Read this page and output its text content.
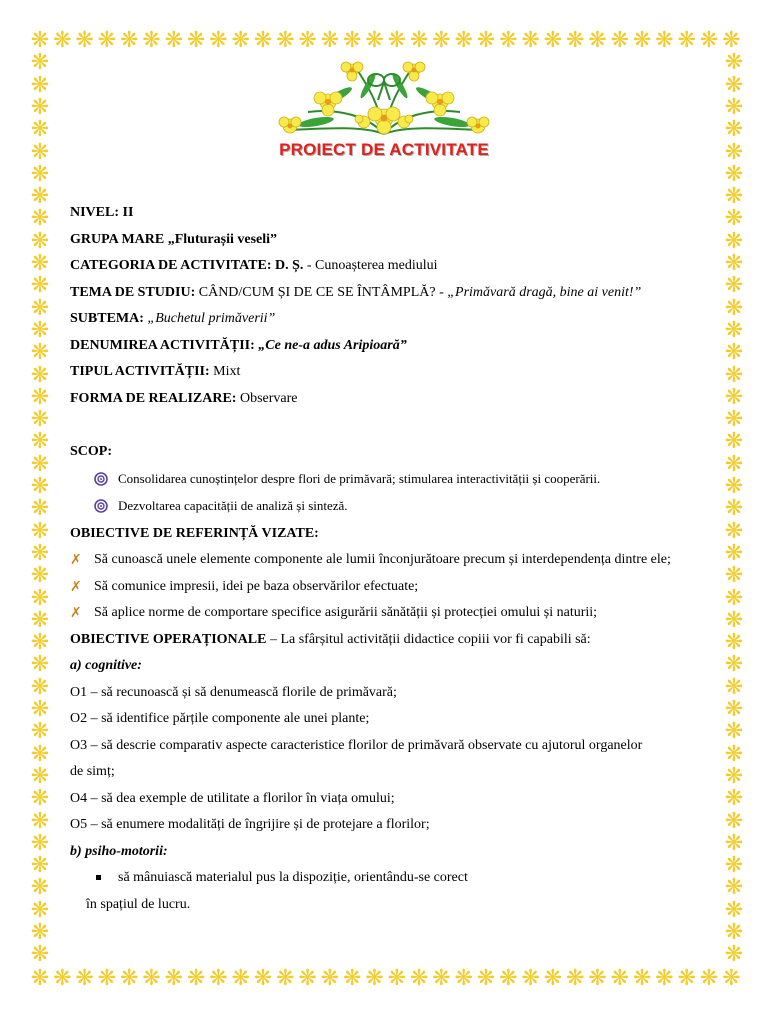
❋
❋
❋
❋
❋
❋
❋
❋
❋
❋
❋
❋
❋
❋
❋
❋
❋
❋
❋
❋
❋
❋
❋
❋
❋
❋
❋
❋
❋
❋
❋
❋
❋
❋
❋
❋
❋
❋
❋
❋
❋
❋
❋
❋
❋
❋
❋
❋
❋
❋
❋
❋
❋
❋
❋
❋
❋
❋
❋
❋
❋
❋
❋
❋
❋	❋
❋	❋
❋	❋
❋	❋
❋	❋
❋	❋
❋	❋
❋	❋
❋	❋
❋	❋
❋	❋
❋	❋
❋	❋
❋	❋
❋	❋
❋	❋
❋	❋
❋	❋
❋	❋
❋	❋
❋	❋
❋	❋
❋	❋
❋	❋
❋	❋
❋	❋
❋	❋
❋	❋
❋	❋
❋	❋
❋	❋
❋	❋
❋	❋
❋	❋
❋	❋
❋	❋
❋	❋
❋	❋
❋	❋
❋	❋
❋	❋
PROIECT DE ACTIVITATE
NIVEL: II
GRUPA MARE „Fluturașii veseli”
CATEGORIA DE ACTIVITATE: D. Ș. - Cunoașterea mediului
TEMA DE STUDIU: CÂND/CUM ȘI DE CE SE ÎNTÂMPLĂ? - „Primăvară dragă, bine ai venit!”
SUBTEMA: „Buchetul primăverii”
DENUMIREA ACTIVITĂȚII: „Ce ne-a adus Aripioară”
TIPUL ACTIVITĂȚII: Mixt
FORMA DE REALIZARE: Observare
SCOP:
Consolidarea cunoștințelor despre flori de primăvară; stimularea interactivității și cooperării.
Dezvoltarea capacității de analiză și sinteză.
OBIECTIVE DE REFERINȚĂ VIZATE:
✗ Să cunoască unele elemente componente ale lumii înconjurătoare precum și interdependența dintre ele;
✗ Să comunice impresii, idei pe baza observărilor efectuate;
✗ Să aplice norme de comportare specifice asigurării sănătății și protecției omului și naturii;
OBIECTIVE OPERAȚIONALE – La sfârșitul activității didactice copiii vor fi capabili să:
a) cognitive:
O1 – să recunoască și să denumească florile de primăvară;
O2 – să identifice părțile componente ale unei plante;
O3 – să descrie comparativ aspecte caracteristice florilor de primăvară observate cu ajutorul organelor
de simț;
O4 – să dea exemple de utilitate a florilor în viața omului;
O5 – să enumere modalități de îngrijire și de protejare a florilor;
b) psiho-motorii:
să mânuiască materialul pus la dispoziție, orientându-se corect
în spațiul de lucru.
